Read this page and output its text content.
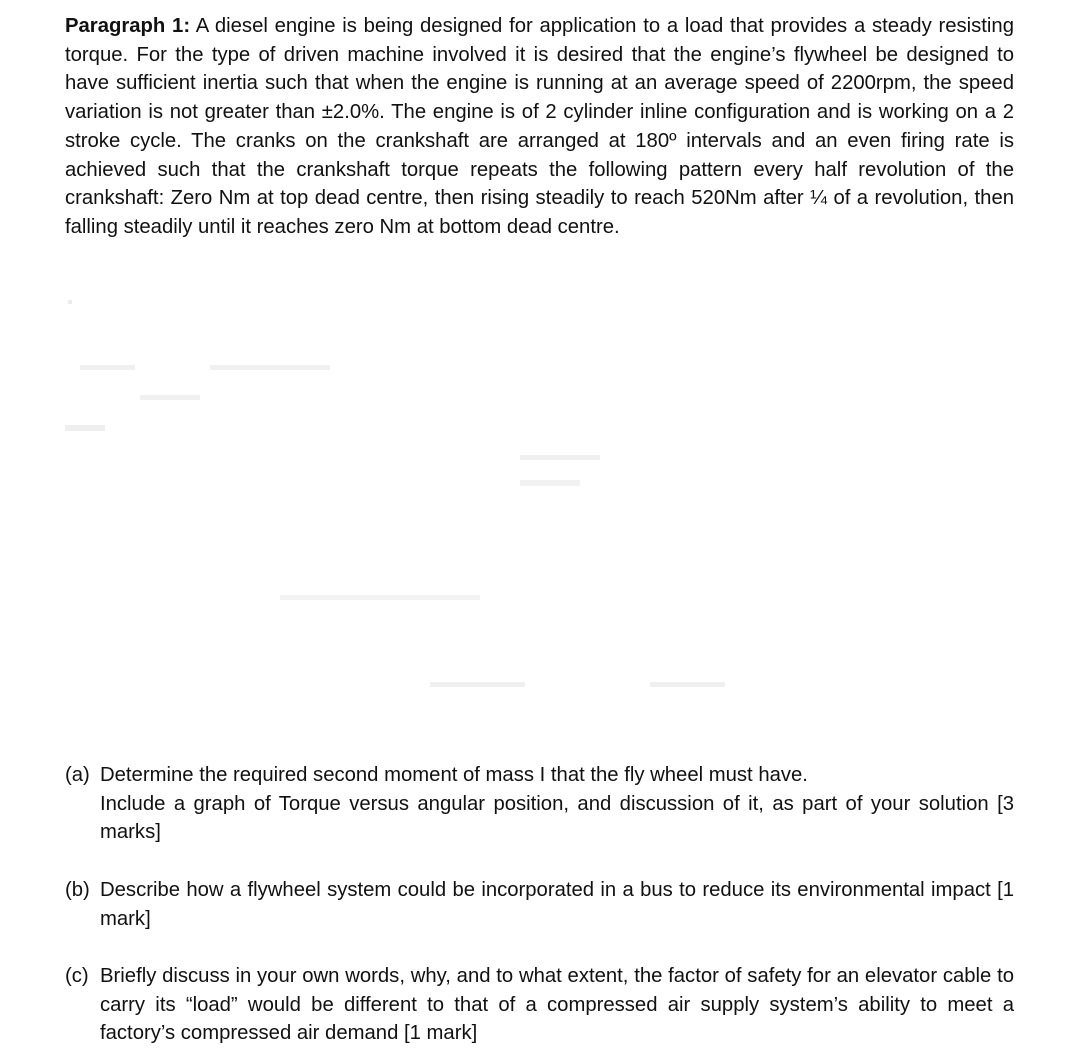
Paragraph 1: A diesel engine is being designed for application to a load that provides a steady resisting torque. For the type of driven machine involved it is desired that the engine’s flywheel be designed to have sufficient inertia such that when the engine is running at an average speed of 2200rpm, the speed variation is not greater than ±2.0%. The engine is of 2 cylinder inline configuration and is working on a 2 stroke cycle. The cranks on the crankshaft are arranged at 180º intervals and an even firing rate is achieved such that the crankshaft torque repeats the following pattern every half revolution of the crankshaft: Zero Nm at top dead centre, then rising steadily to reach 520Nm after ¼ of a revolution, then falling steadily until it reaches zero Nm at bottom dead centre.

(a) Determine the required second moment of mass I that the fly wheel must have.
Include a graph of Torque versus angular position, and discussion of it, as part of your solution [3 marks]
(b) Describe how a flywheel system could be incorporated in a bus to reduce its environmental impact [1 mark]
(c) Briefly discuss in your own words, why, and to what extent, the factor of safety for an elevator cable to carry its “load” would be different to that of a compressed air supply system’s ability to meet a factory’s compressed air demand [1 mark]
